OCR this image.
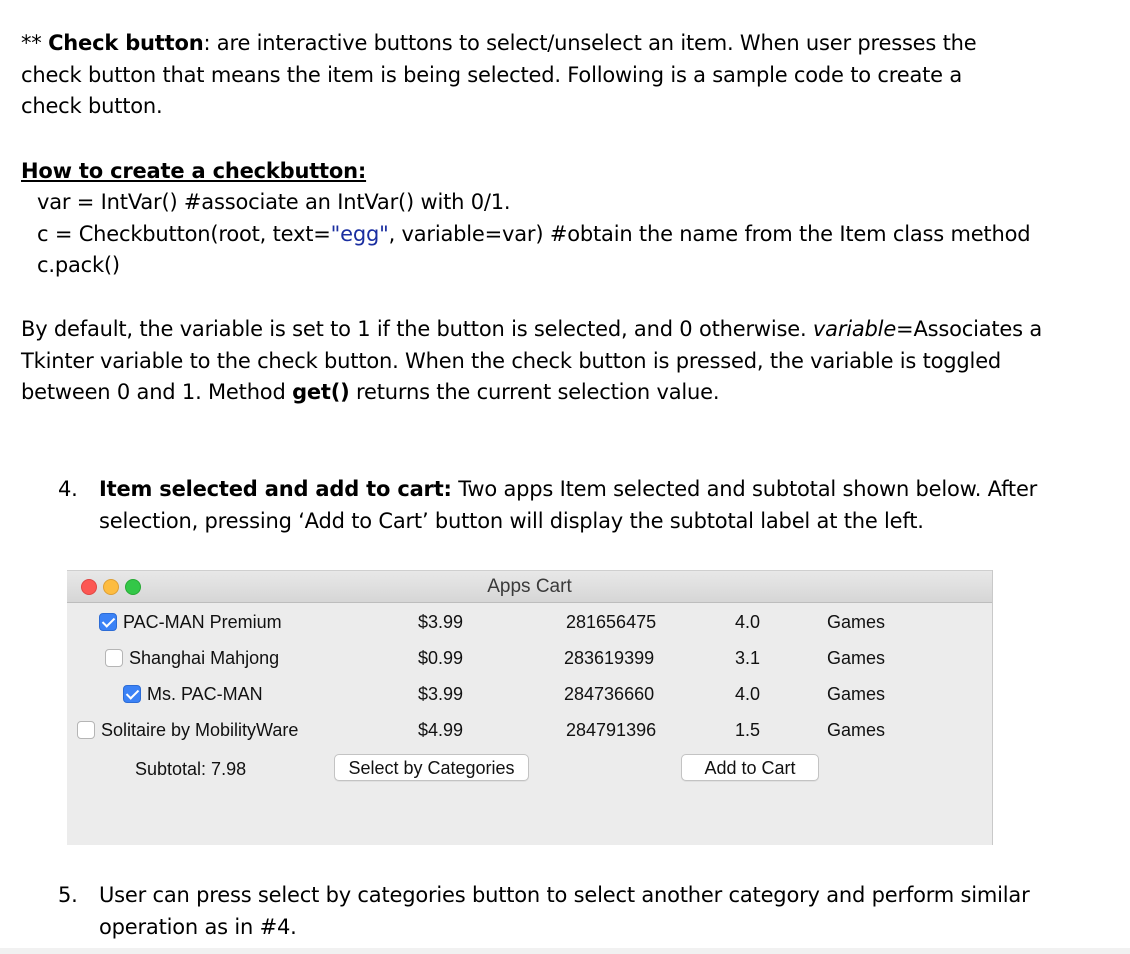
** Check button: are interactive buttons to select/unselect an item. When user presses the check button that means the item is being selected. Following is a sample code to create a check button.
How to create a checkbutton:
var = IntVar() #associate an IntVar() with 0/1.
c = Checkbutton(root, text="egg", variable=var) #obtain the name from the Item class method
c.pack()
By default, the variable is set to 1 if the button is selected, and 0 otherwise. variable=Associates a Tkinter variable to the check button. When the check button is pressed, the variable is toggled between 0 and 1. Method get() returns the current selection value.
4. Item selected and add to cart: Two apps Item selected and subtotal shown below. After selection, pressing ‘Add to Cart’ button will display the subtotal label at the left.
Apps Cart
PAC-MAN Premium	$3.99	281656475	4.0	Games
Shanghai Mahjong	$0.99	283619399	3.1	Games
Ms. PAC-MAN	$3.99	284736660	4.0	Games
Solitaire by MobilityWare	$4.99	284791396	1.5	Games
Subtotal: 7.98	Select by Categories	Add to Cart
5. User can press select by categories button to select another category and perform similar operation as in #4.
